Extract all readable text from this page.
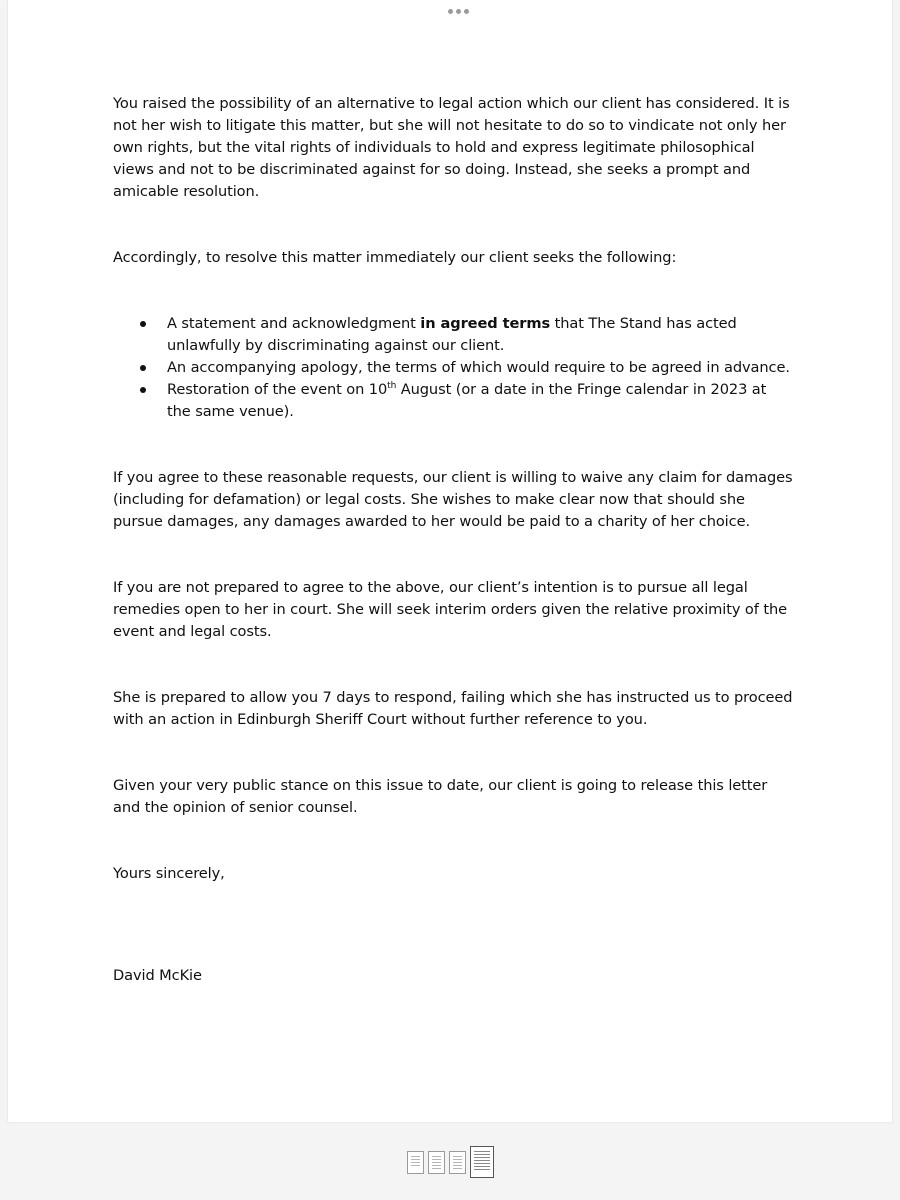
You raised the possibility of an alternative to legal action which our client has considered. It is not her wish to litigate this matter, but she will not hesitate to do so to vindicate not only her own rights, but the vital rights of individuals to hold and express legitimate philosophical views and not to be discriminated against for so doing. Instead, she seeks a prompt and amicable resolution.

Accordingly, to resolve this matter immediately our client seeks the following:

A statement and acknowledgment in agreed terms that The Stand has acted unlawfully by discriminating against our client.
An accompanying apology, the terms of which would require to be agreed in advance.
Restoration of the event on 10th August (or a date in the Fringe calendar in 2023 at the same venue).

If you agree to these reasonable requests, our client is willing to waive any claim for damages (including for defamation) or legal costs. She wishes to make clear now that should she pursue damages, any damages awarded to her would be paid to a charity of her choice.

If you are not prepared to agree to the above, our client’s intention is to pursue all legal remedies open to her in court. She will seek interim orders given the relative proximity of the event and legal costs.

She is prepared to allow you 7 days to respond, failing which she has instructed us to proceed with an action in Edinburgh Sheriff Court without further reference to you.

Given your very public stance on this issue to date, our client is going to release this letter and the opinion of senior counsel.

Yours sincerely,

David McKie
